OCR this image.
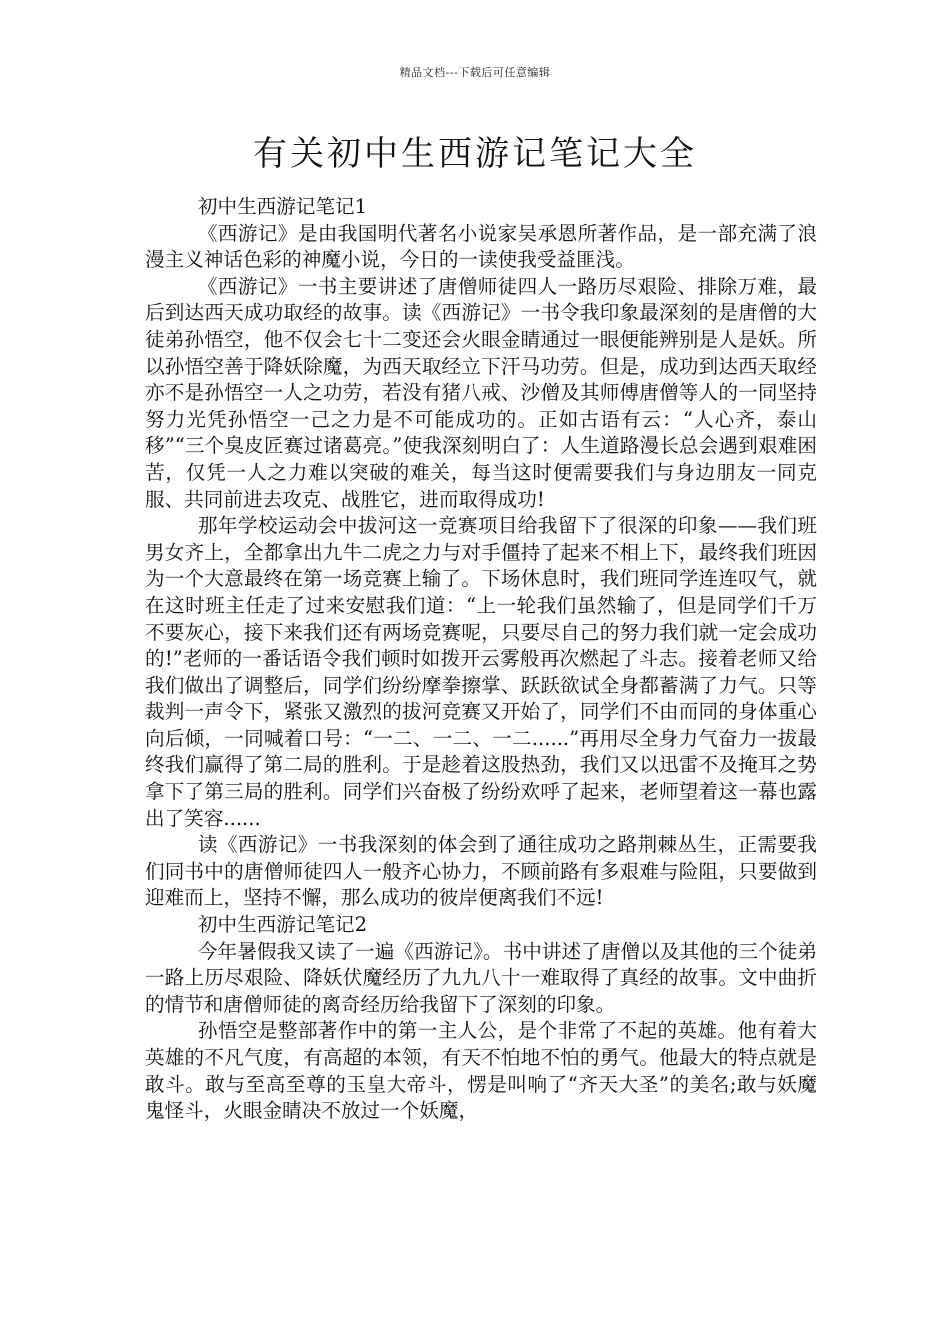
精品文档---下载后可任意编辑
有关初中生西游记笔记大全

初中生西游记笔记1

《西游记》是由我国明代著名小说家吴承恩所著作品，是一部充满了浪漫主义神话色彩的神魔小说，今日的一读使我受益匪浅。

《西游记》一书主要讲述了唐僧师徒四人一路历尽艰险、排除万难，最后到达西天成功取经的故事。读《西游记》一书令我印象最深刻的是唐僧的大徒弟孙悟空，他不仅会七十二变还会火眼金睛通过一眼便能辨别是人是妖。所以孙悟空善于降妖除魔，为西天取经立下汗马功劳。但是，成功到达西天取经亦不是孙悟空一人之功劳，若没有猪八戒、沙僧及其师傅唐僧等人的一同坚持努力光凭孙悟空一己之力是不可能成功的。正如古语有云：“人心齐，泰山移”“三个臭皮匠赛过诸葛亮。”使我深刻明白了：人生道路漫长总会遇到艰难困苦，仅凭一人之力难以突破的难关，每当这时便需要我们与身边朋友一同克服、共同前进去攻克、战胜它，进而取得成功!

那年学校运动会中拔河这一竞赛项目给我留下了很深的印象——我们班男女齐上，全都拿出九牛二虎之力与对手僵持了起来不相上下，最终我们班因为一个大意最终在第一场竞赛上输了。下场休息时，我们班同学连连叹气，就在这时班主任走了过来安慰我们道：“上一轮我们虽然输了，但是同学们千万不要灰心，接下来我们还有两场竞赛呢，只要尽自己的努力我们就一定会成功的!”老师的一番话语令我们顿时如拨开云雾般再次燃起了斗志。接着老师又给我们做出了调整后，同学们纷纷摩拳擦掌、跃跃欲试全身都蓄满了力气。只等裁判一声令下，紧张又激烈的拔河竞赛又开始了，同学们不由而同的身体重心向后倾，一同喊着口号：“一二、一二、一二......”再用尽全身力气奋力一拔最终我们赢得了第二局的胜利。于是趁着这股热劲，我们又以迅雷不及掩耳之势拿下了第三局的胜利。同学们兴奋极了纷纷欢呼了起来，老师望着这一幕也露出了笑容......

读《西游记》一书我深刻的体会到了通往成功之路荆棘丛生，正需要我们同书中的唐僧师徒四人一般齐心协力，不顾前路有多艰难与险阻，只要做到迎难而上，坚持不懈，那么成功的彼岸便离我们不远!

初中生西游记笔记2

今年暑假我又读了一遍《西游记》。书中讲述了唐僧以及其他的三个徒弟一路上历尽艰险、降妖伏魔经历了九九八十一难取得了真经的故事。文中曲折的情节和唐僧师徒的离奇经历给我留下了深刻的印象。

孙悟空是整部著作中的第一主人公，是个非常了不起的英雄。他有着大英雄的不凡气度，有高超的本领，有天不怕地不怕的勇气。他最大的特点就是敢斗。敢与至高至尊的玉皇大帝斗，愣是叫响了“齐天大圣”的美名;敢与妖魔鬼怪斗，火眼金睛决不放过一个妖魔，
